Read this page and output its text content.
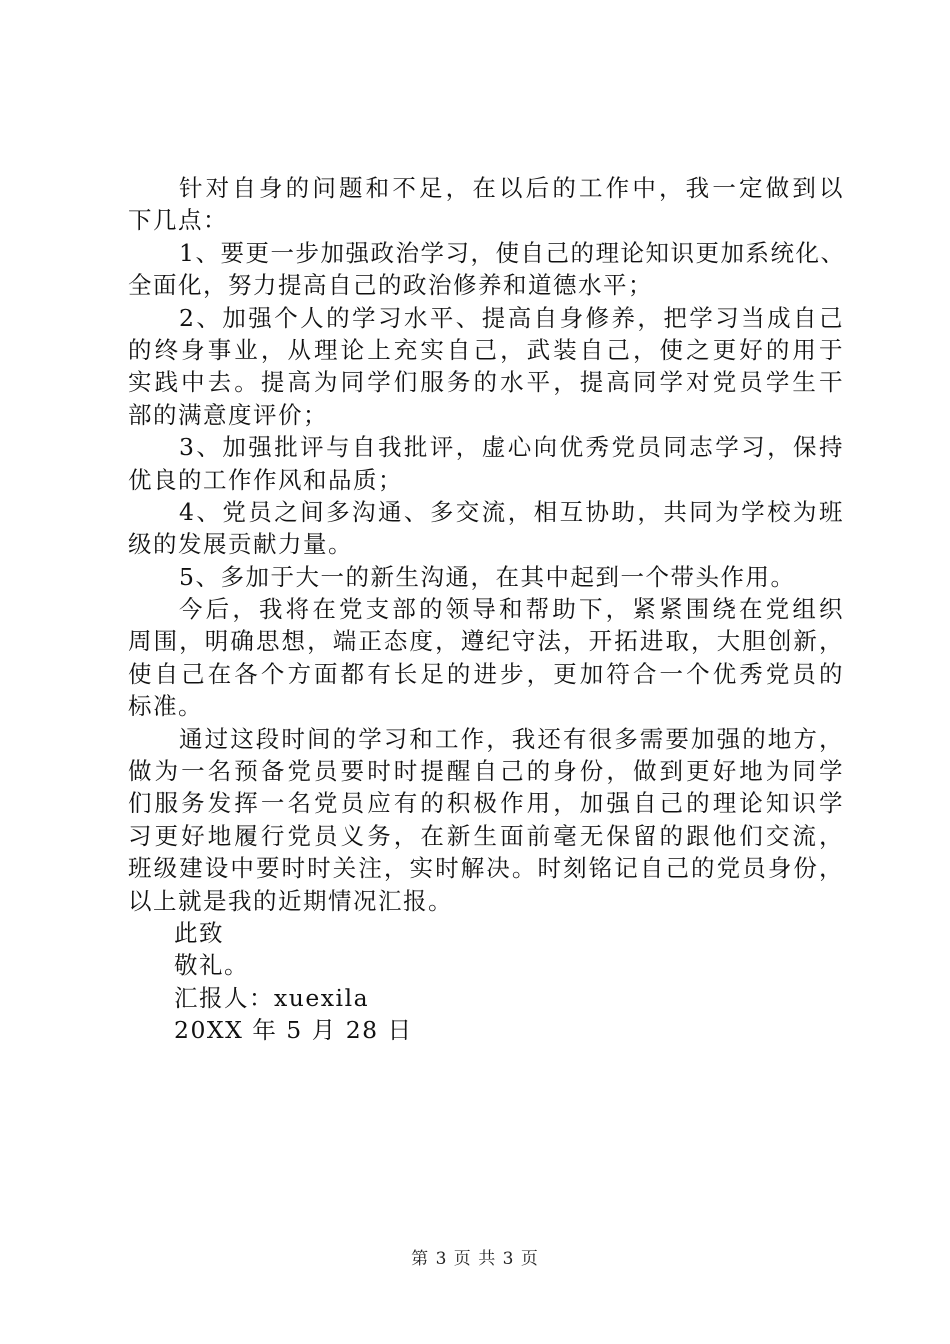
针对自身的问题和不足，在以后的工作中，我一定做到以
下几点：
1、要更一步加强政治学习，使自己的理论知识更加系统化、
全面化，努力提高自己的政治修养和道德水平；
2、加强个人的学习水平、提高自身修养，把学习当成自己
的终身事业，从理论上充实自己，武装自己，使之更好的用于
实践中去。提高为同学们服务的水平，提高同学对党员学生干
部的满意度评价；
3、加强批评与自我批评，虚心向优秀党员同志学习，保持
优良的工作作风和品质；
4、党员之间多沟通、多交流，相互协助，共同为学校为班
级的发展贡献力量。
5、多加于大一的新生沟通，在其中起到一个带头作用。
今后，我将在党支部的领导和帮助下，紧紧围绕在党组织
周围，明确思想，端正态度，遵纪守法，开拓进取，大胆创新，
使自己在各个方面都有长足的进步，更加符合一个优秀党员的
标准。
通过这段时间的学习和工作，我还有很多需要加强的地方，
做为一名预备党员要时时提醒自己的身份，做到更好地为同学
们服务发挥一名党员应有的积极作用，加强自己的理论知识学
习更好地履行党员义务，在新生面前毫无保留的跟他们交流，
班级建设中要时时关注，实时解决。时刻铭记自己的党员身份，
以上就是我的近期情况汇报。
此致
敬礼。
汇报人：xuexila
20XX 年 5 月 28 日
第 3 页 共 3 页
